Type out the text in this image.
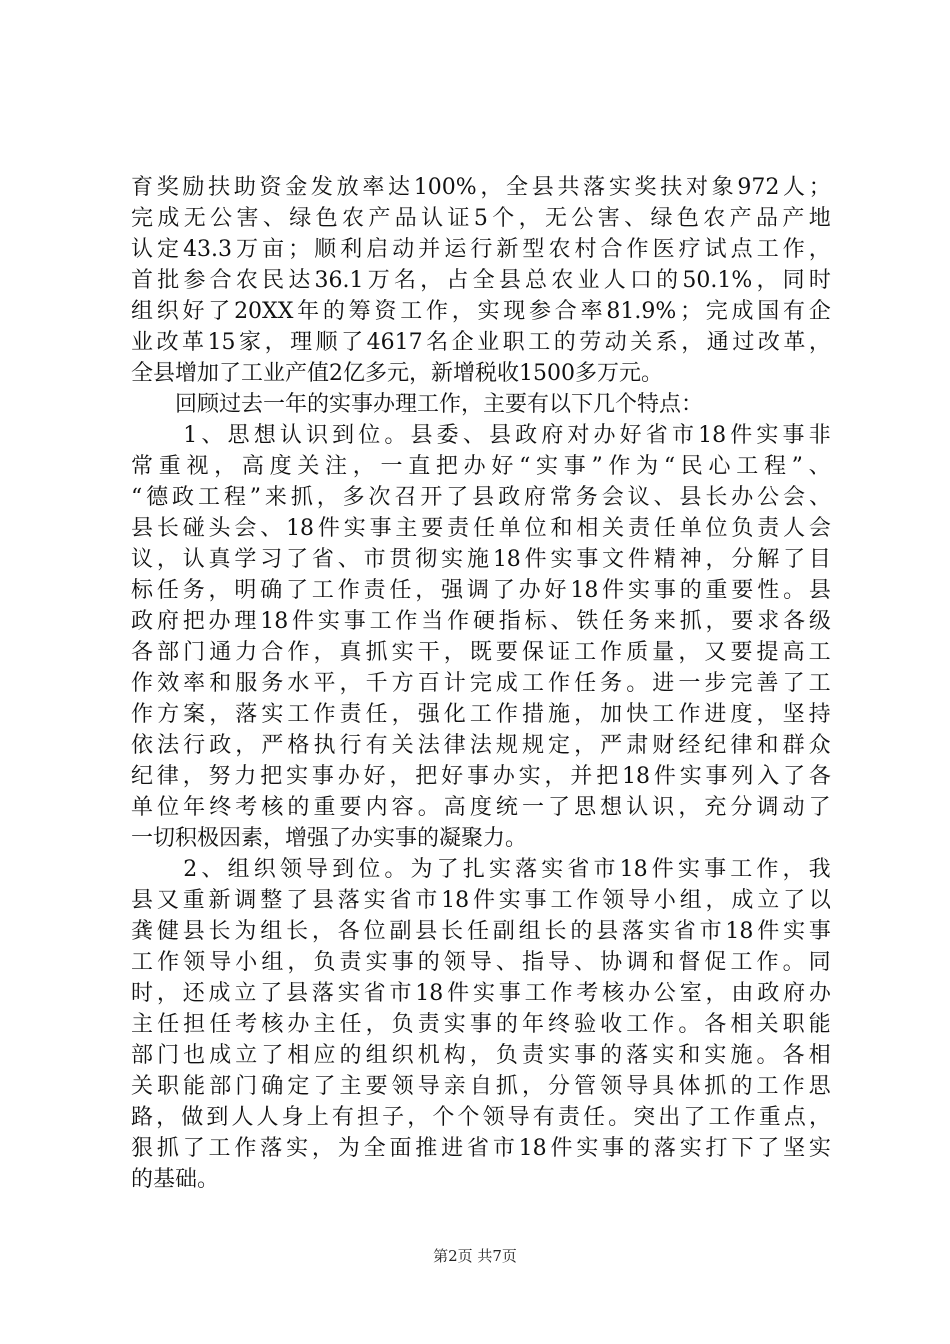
育 奖 励 扶 助 资 金 发 放 率 达 100% ， 全 县 共 落 实 奖 扶 对 象 972 人 ；
完 成 无 公 害 、 绿 色 农 产 品 认 证 5 个 ， 无 公 害 、 绿 色 农 产 品 产 地
认 定 43.3 万 亩 ； 顺 利 启 动 并 运 行 新 型 农 村 合 作 医 疗 试 点 工 作 ，
首 批 参 合 农 民 达 36.1 万 名 ， 占 全 县 总 农 业 人 口 的 50.1% ， 同 时
组 织 好 了 20XX 年 的 筹 资 工 作 ， 实 现 参 合 率 81.9% ； 完 成 国 有 企
业 改 革 15 家 ， 理 顺 了 4617 名 企 业 职 工 的 劳 动 关 系 ， 通 过 改 革 ，
全县增加了工业产值2亿多元，新增税收1500多万元。
　　回顾过去一年的实事办理工作，主要有以下几个特点：

1 、 思 想 认 识 到 位 。 县 委 、 县 政 府 对 办 好 省 市 18 件 实 事 非
常 重 视 ， 高 度 关 注 ， 一 直 把 办 好 “ 实 事 ” 作 为 “ 民 心 工 程 ” 、
“ 德 政 工 程 ” 来 抓 ， 多 次 召 开 了 县 政 府 常 务 会 议 、 县 长 办 公 会 、
县 长 碰 头 会 、 18 件 实 事 主 要 责 任 单 位 和 相 关 责 任 单 位 负 责 人 会
议 ， 认 真 学 习 了 省 、 市 贯 彻 实 施 18 件 实 事 文 件 精 神 ， 分 解 了 目
标 任 务 ， 明 确 了 工 作 责 任 ， 强 调 了 办 好 18 件 实 事 的 重 要 性 。 县
政 府 把 办 理 18 件 实 事 工 作 当 作 硬 指 标 、 铁 任 务 来 抓 ， 要 求 各 级
各 部 门 通 力 合 作 ， 真 抓 实 干 ， 既 要 保 证 工 作 质 量 ， 又 要 提 高 工
作 效 率 和 服 务 水 平 ， 千 方 百 计 完 成 工 作 任 务 。 进 一 步 完 善 了 工
作 方 案 ， 落 实 工 作 责 任 ， 强 化 工 作 措 施 ， 加 快 工 作 进 度 ， 坚 持
依 法 行 政 ， 严 格 执 行 有 关 法 律 法 规 规 定 ， 严 肃 财 经 纪 律 和 群 众
纪 律 ， 努 力 把 实 事 办 好 ， 把 好 事 办 实 ， 并 把 18 件 实 事 列 入 了 各
单 位 年 终 考 核 的 重 要 内 容 。 高 度 统 一 了 思 想 认 识 ， 充 分 调 动 了
一切积极因素，增强了办实事的凝聚力。

2 、 组 织 领 导 到 位 。 为 了 扎 实 落 实 省 市 18 件 实 事 工 作 ， 我
县 又 重 新 调 整 了 县 落 实 省 市 18 件 实 事 工 作 领 导 小 组 ， 成 立 了 以
龚 健 县 长 为 组 长 ， 各 位 副 县 长 任 副 组 长 的 县 落 实 省 市 18 件 实 事
工 作 领 导 小 组 ， 负 责 实 事 的 领 导 、 指 导 、 协 调 和 督 促 工 作 。 同
时 ， 还 成 立 了 县 落 实 省 市 18 件 实 事 工 作 考 核 办 公 室 ， 由 政 府 办
主 任 担 任 考 核 办 主 任 ， 负 责 实 事 的 年 终 验 收 工 作 。 各 相 关 职 能
部 门 也 成 立 了 相 应 的 组 织 机 构 ， 负 责 实 事 的 落 实 和 实 施 。 各 相
关 职 能 部 门 确 定 了 主 要 领 导 亲 自 抓 ， 分 管 领 导 具 体 抓 的 工 作 思
路 ， 做 到 人 人 身 上 有 担 子 ， 个 个 领 导 有 责 任 。 突 出 了 工 作 重 点 ，
狠 抓 了 工 作 落 实 ， 为 全 面 推 进 省 市 18 件 实 事 的 落 实 打 下 了 坚 实
的基础。
第2页 共7页
